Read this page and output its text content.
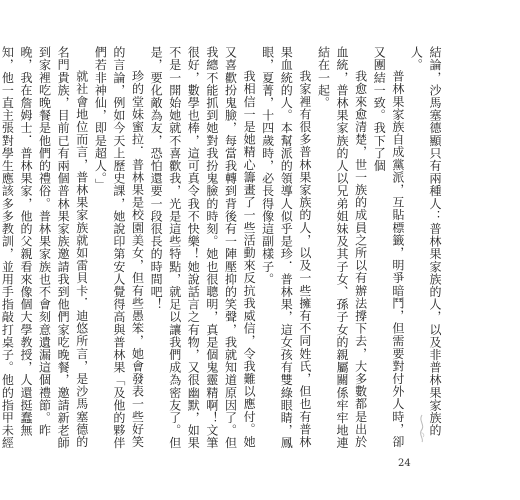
結論，沙馬塞德顯只有兩種人：普林果家族的人，以及非普林果家族的人。

普林果家族自成黨派，互貼標籤，明爭暗鬥，但需要對付外人時，卻又團結一致。我下了個

我愈來愈清楚，世一族的成員之所以有辦法撐下去，大多數都是出於血統，普林果家族的人以兄弟姐妹及其子女、孫子女的親屬關係牢牢地連結在一起。

我家裡有很多普林果家族的人，以及一些擁有不同姓氏，但也有普林果血統的人。本幫派的領導人似乎是珍．普林果，這女孩有雙綠眼睛，鳳眼，夏菁，十四歲時，必長得像這副樣子。

我相信一是她精心籌畫了一些活動來反抗我威信，令我難以應付。她又喜歡扮鬼臉，每當我轉到背後有一陣壓抑的笑聲，我就知道原因了。但我總不能抓到她對我扮鬼臉的時刻。她也很聰明，真是個鬼靈精啊！文筆很好，數學也棒，這可真令我不快樂！她說話言之有物，又很幽默，如果不是一開始她就不喜歡我，光是這些特點，就足以讓我們成為密友了。但是，要化敵為友，恐怕還要一段很長的時間吧！

珍的堂妹蜜拉．普林果是校園美女，但有些愚笨，她會發表一些好笑的言論，例如今天上歷史課，她說印第安人覺得高與普林果「及他的夥伴們若非神仙，即是超人。」

就社會地位而言，普林果家族就如雷貝卡．迪悠所言，是沙馬塞德的名門貴族，目前已有兩個普林果家族邀請我到他們家吃晚餐，邀請新老師到家裡吃晚餐是他們的禮俗。普林果家族也不會刻意遺漏這個禮節。昨晚，我在詹姆士．普林果家，他的父親看來像個大學教授，人還挺蠢無知，他一直主張對學生應該多多教訓，並用手指敲打桌子。他的指甲未經

24
